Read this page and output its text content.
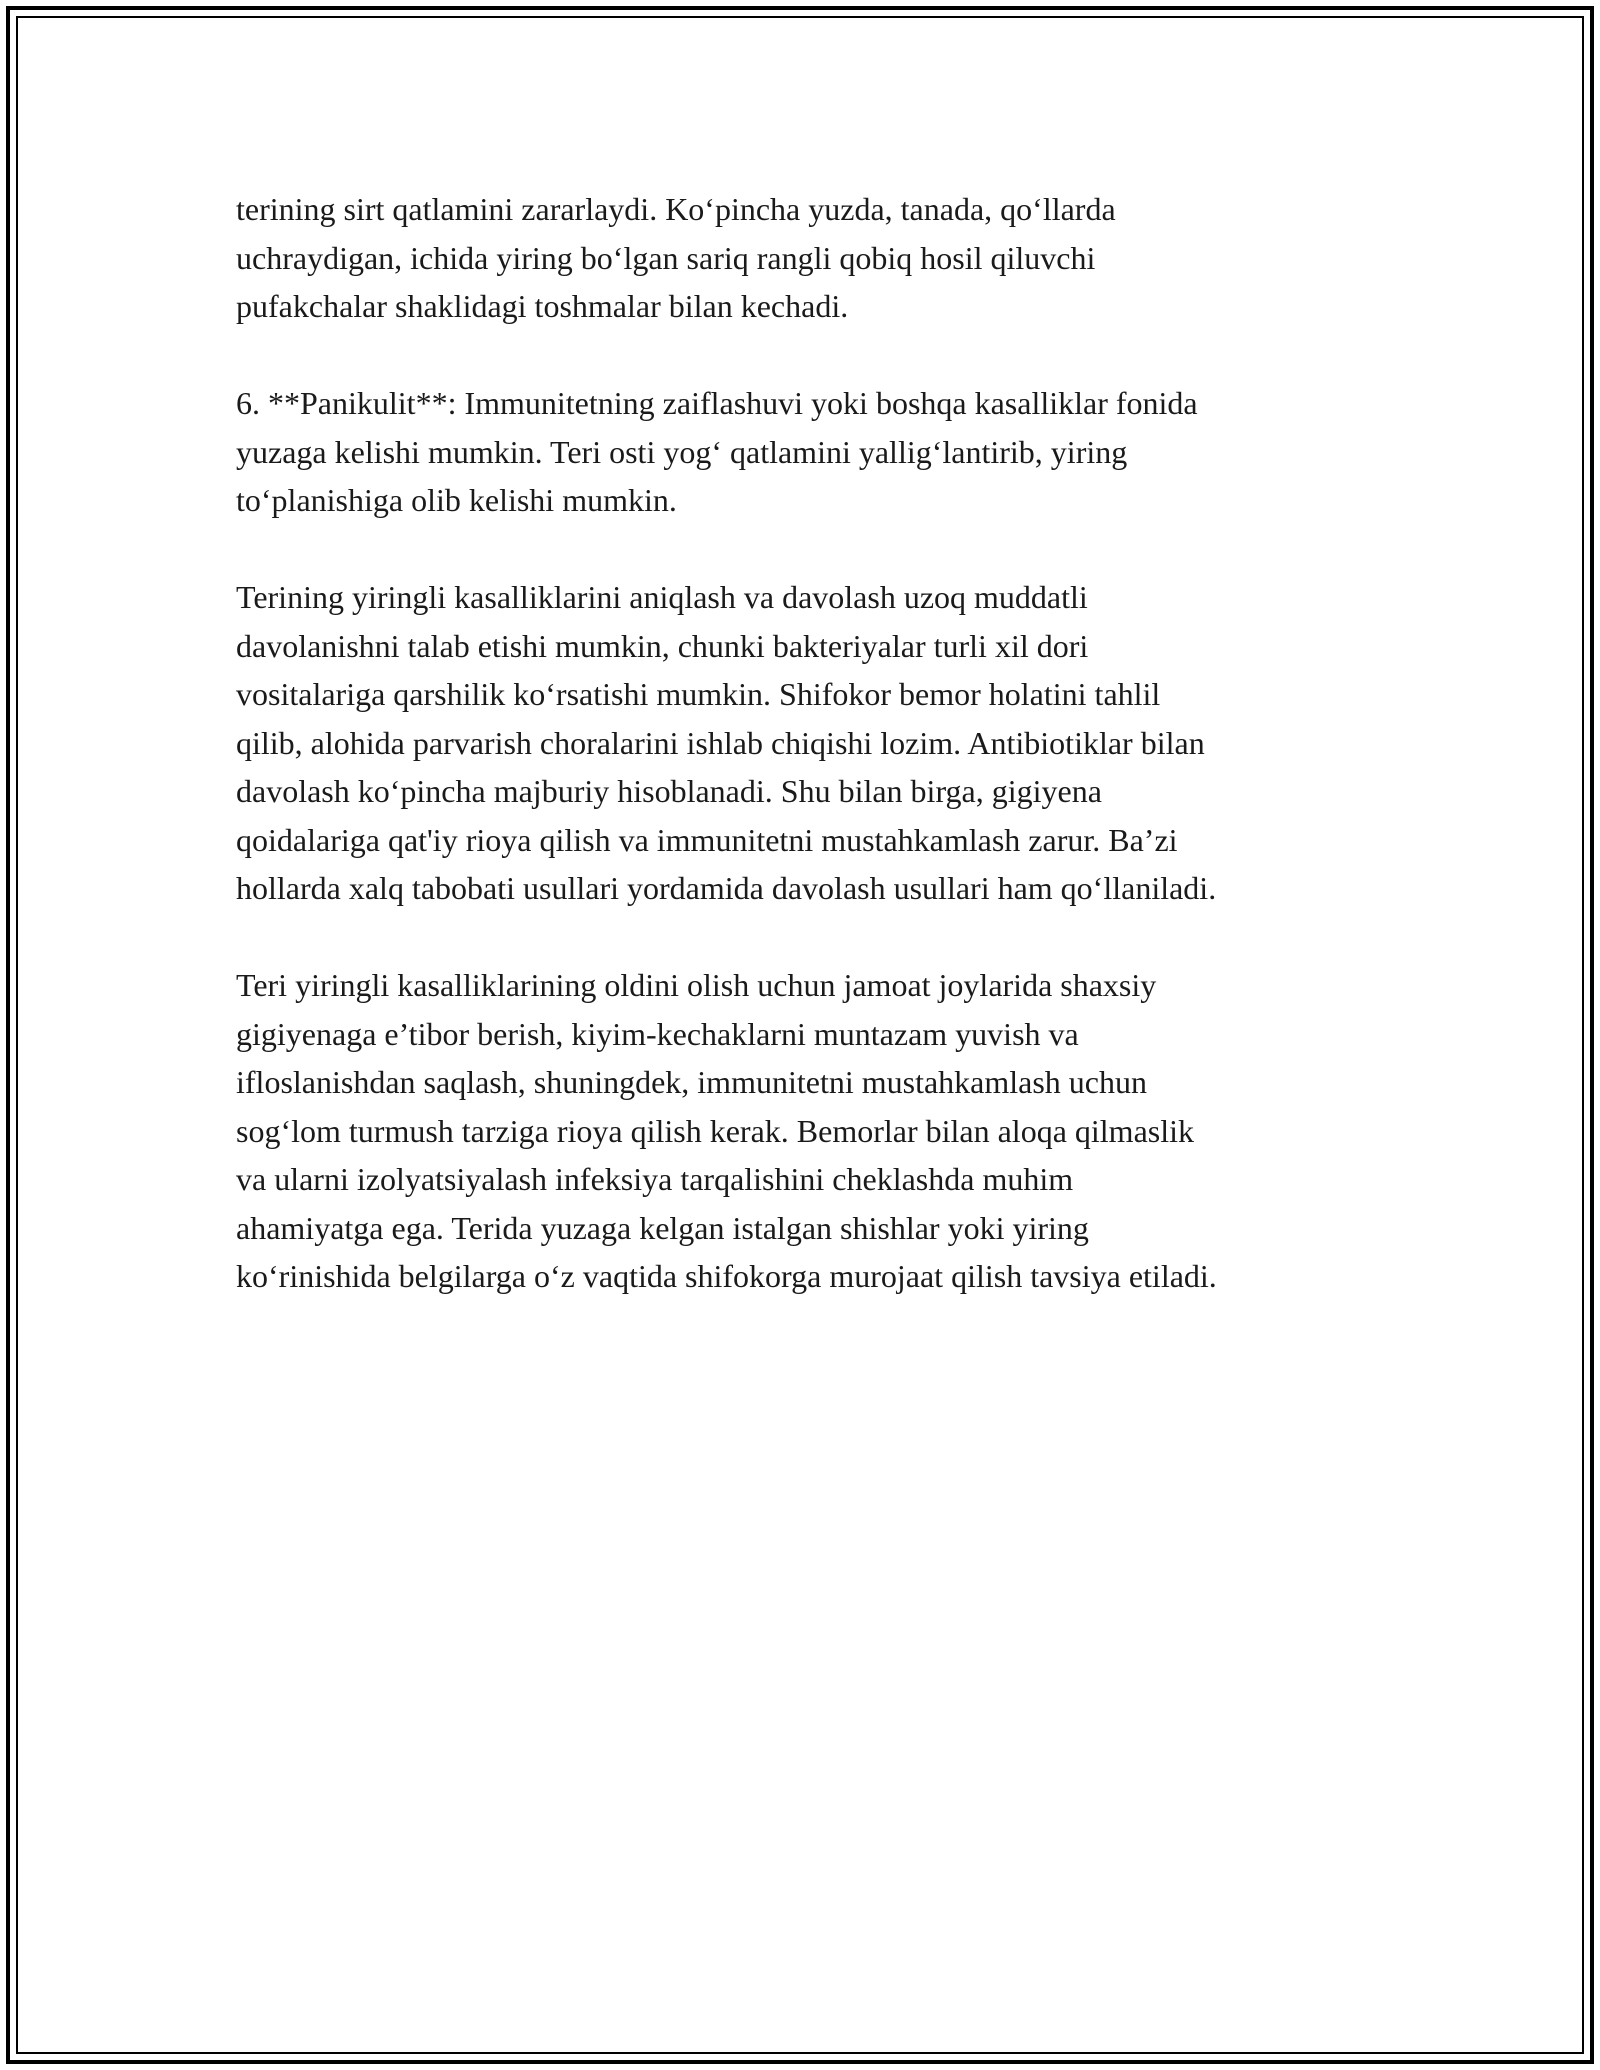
terining sirt qatlamini zararlaydi. Ko‘pincha yuzda, tanada, qo‘llarda
uchraydigan, ichida yiring bo‘lgan sariq rangli qobiq hosil qiluvchi
pufakchalar shaklidagi toshmalar bilan kechadi.

6. **Panikulit**: Immunitetning zaiflashuvi yoki boshqa kasalliklar fonida
yuzaga kelishi mumkin. Teri osti yog‘ qatlamini yallig‘lantirib, yiring
to‘planishiga olib kelishi mumkin.

Terining yiringli kasalliklarini aniqlash va davolash uzoq muddatli
davolanishni talab etishi mumkin, chunki bakteriyalar turli xil dori
vositalariga qarshilik ko‘rsatishi mumkin. Shifokor bemor holatini tahlil
qilib, alohida parvarish choralarini ishlab chiqishi lozim. Antibiotiklar bilan
davolash ko‘pincha majburiy hisoblanadi. Shu bilan birga, gigiyena
qoidalariga qat'iy rioya qilish va immunitetni mustahkamlash zarur. Ba’zi
hollarda xalq tabobati usullari yordamida davolash usullari ham qo‘llaniladi.

Teri yiringli kasalliklarining oldini olish uchun jamoat joylarida shaxsiy
gigiyenaga e’tibor berish, kiyim-kechaklarni muntazam yuvish va
ifloslanishdan saqlash, shuningdek, immunitetni mustahkamlash uchun
sog‘lom turmush tarziga rioya qilish kerak. Bemorlar bilan aloqa qilmaslik
va ularni izolyatsiyalash infeksiya tarqalishini cheklashda muhim
ahamiyatga ega. Terida yuzaga kelgan istalgan shishlar yoki yiring
ko‘rinishida belgilarga o‘z vaqtida shifokorga murojaat qilish tavsiya etiladi.
